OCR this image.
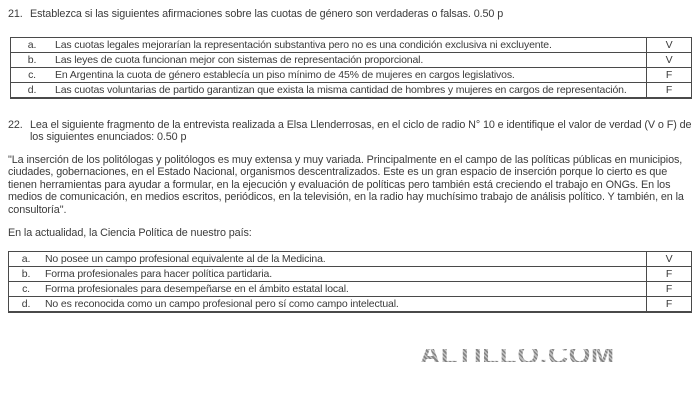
21. Establezca si las siguientes afirmaciones sobre las cuotas de género son verdaderas o falsas. 0.50 p
a.	Las cuotas legales mejorarían la representación substantiva pero no es una condición exclusiva ni excluyente.	V
b.	Las leyes de cuota funcionan mejor con sistemas de representación proporcional.	V
c.	En Argentina la cuota de género establecía un piso mínimo de 45% de mujeres en cargos legislativos.	F
d.	Las cuotas voluntarias de partido garantizan que exista la misma cantidad de hombres y mujeres en cargos de representación.	F
22. Lea el siguiente fragmento de la entrevista realizada a Elsa Llenderrosas, en el ciclo de radio N° 10 e identifique el valor de verdad (V o F) de los siguientes enunciados: 0.50 p

"La inserción de los politólogas y politólogos es muy extensa y muy variada. Principalmente en el campo de las políticas públicas en municipios, ciudades, gobernaciones, en el Estado Nacional, organismos descentralizados. Este es un gran espacio de inserción porque lo cierto es que tienen herramientas para ayudar a formular, en la ejecución y evaluación de políticas pero también está creciendo el trabajo en ONGs. En los medios de comunicación, en medios escritos, periódicos, en la televisión, en la radio hay muchísimo trabajo de análisis político. Y también, en la consultoría".

En la actualidad, la Ciencia Política de nuestro país:

a.	No posee un campo profesional equivalente al de la Medicina.	V
b.	Forma profesionales para hacer política partidaria.	F
c.	Forma profesionales para desempeñarse en el ámbito estatal local.	F
d.	No es reconocida como un campo profesional pero sí como campo intelectual.	F
ALTILLO.COM
